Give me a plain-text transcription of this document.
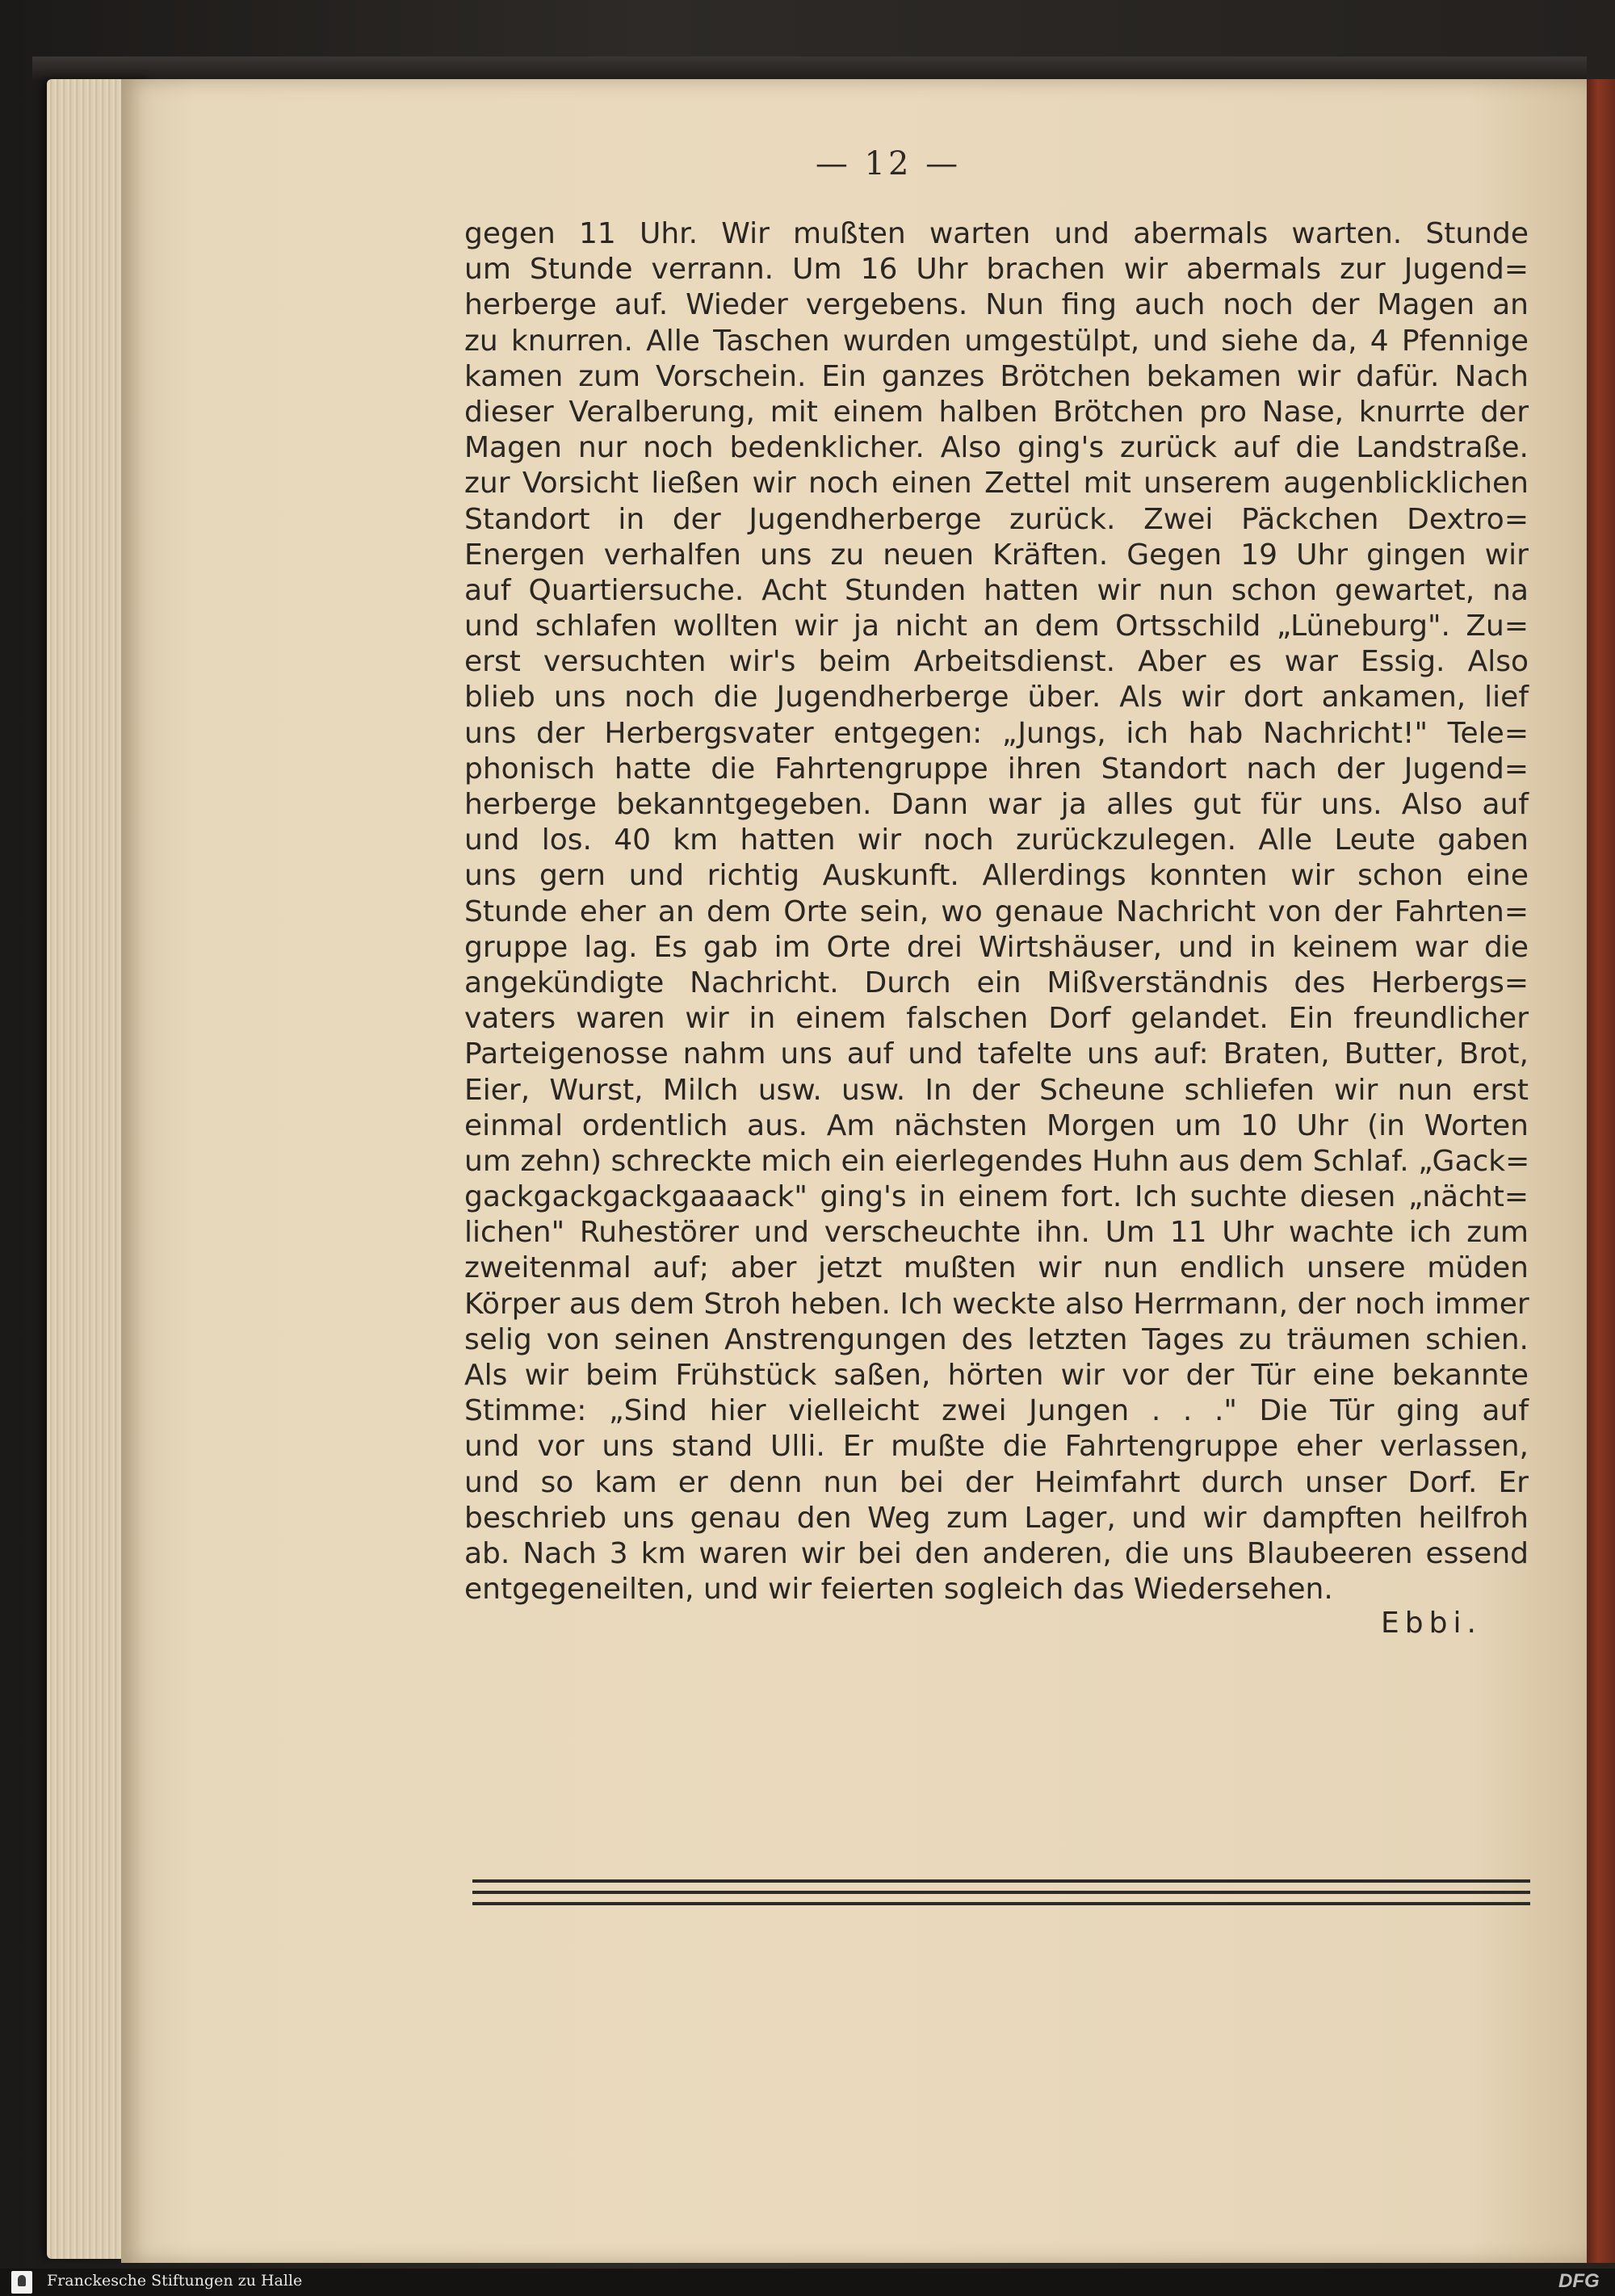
— 12 —
gegen 11 Uhr. Wir mußten warten und abermals warten. Stunde
um Stunde verrann. Um 16 Uhr brachen wir abermals zur Jugend=
herberge auf. Wieder vergebens. Nun fing auch noch der Magen an
zu knurren. Alle Taschen wurden umgestülpt, und siehe da, 4 Pfennige
kamen zum Vorschein. Ein ganzes Brötchen bekamen wir dafür. Nach
dieser Veralberung, mit einem halben Brötchen pro Nase, knurrte der
Magen nur noch bedenklicher. Also ging's zurück auf die Landstraße.
zur Vorsicht ließen wir noch einen Zettel mit unserem augenblicklichen
Standort in der Jugendherberge zurück. Zwei Päckchen Dextro=
Energen verhalfen uns zu neuen Kräften. Gegen 19 Uhr gingen wir
auf Quartiersuche. Acht Stunden hatten wir nun schon gewartet, na
und schlafen wollten wir ja nicht an dem Ortsschild „Lüneburg". Zu=
erst versuchten wir's beim Arbeitsdienst. Aber es war Essig. Also
blieb uns noch die Jugendherberge über. Als wir dort ankamen, lief
uns der Herbergsvater entgegen: „Jungs, ich hab Nachricht!" Tele=
phonisch hatte die Fahrtengruppe ihren Standort nach der Jugend=
herberge bekanntgegeben. Dann war ja alles gut für uns. Also auf
und los. 40 km hatten wir noch zurückzulegen. Alle Leute gaben
uns gern und richtig Auskunft. Allerdings konnten wir schon eine
Stunde eher an dem Orte sein, wo genaue Nachricht von der Fahrten=
gruppe lag. Es gab im Orte drei Wirtshäuser, und in keinem war die
angekündigte Nachricht. Durch ein Mißverständnis des Herbergs=
vaters waren wir in einem falschen Dorf gelandet. Ein freundlicher
Parteigenosse nahm uns auf und tafelte uns auf: Braten, Butter, Brot,
Eier, Wurst, Milch usw. usw. In der Scheune schliefen wir nun erst
einmal ordentlich aus. Am nächsten Morgen um 10 Uhr (in Worten
um zehn) schreckte mich ein eierlegendes Huhn aus dem Schlaf. „Gack=
gackgackgackgaaaack" ging's in einem fort. Ich suchte diesen „nächt=
lichen" Ruhestörer und verscheuchte ihn. Um 11 Uhr wachte ich zum
zweitenmal auf; aber jetzt mußten wir nun endlich unsere müden
Körper aus dem Stroh heben. Ich weckte also Herrmann, der noch immer
selig von seinen Anstrengungen des letzten Tages zu träumen schien.
Als wir beim Frühstück saßen, hörten wir vor der Tür eine bekannte
Stimme: „Sind hier vielleicht zwei Jungen . . ." Die Tür ging auf
und vor uns stand Ulli. Er mußte die Fahrtengruppe eher verlassen,
und so kam er denn nun bei der Heimfahrt durch unser Dorf. Er
beschrieb uns genau den Weg zum Lager, und wir dampften heilfroh
ab. Nach 3 km waren wir bei den anderen, die uns Blaubeeren essend
entgegeneilten, und wir feierten sogleich das Wiedersehen.
Ebbi.
Franckesche Stiftungen zu Halle	DFG
